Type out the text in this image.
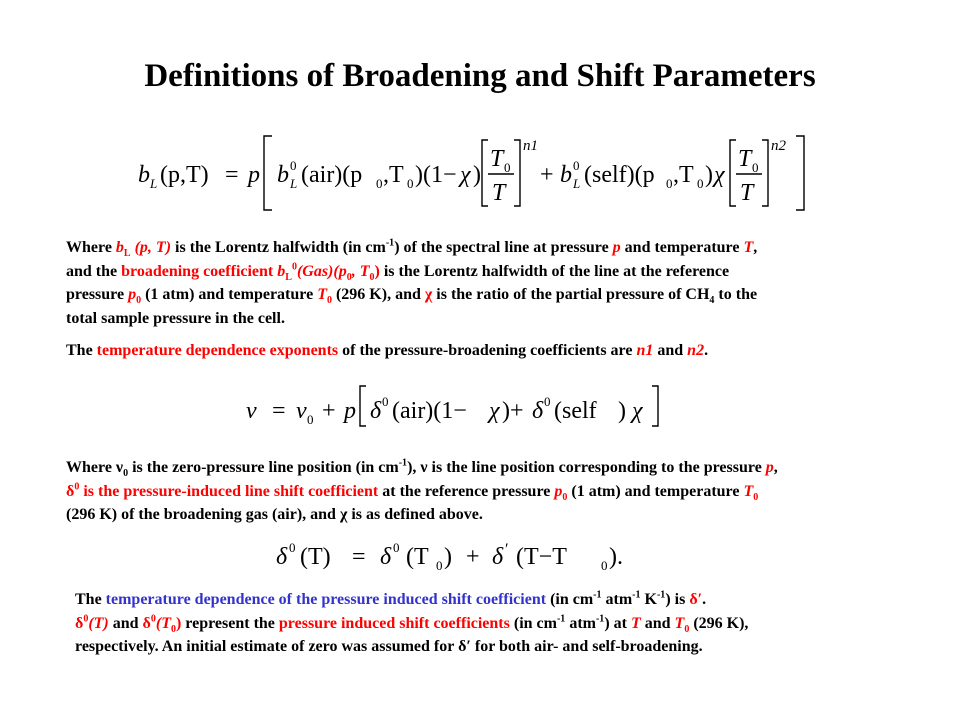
Definitions of Broadening and Shift Parameters
b L (p,T) = p b 0
L (air)(p 0 ,T 0 )(1− χ )
T 0
T
n1
+ b 0
L (self)(p 0 ,T 0 ) χ
T 0
T
n2
Where $b_L$ (p, T) is the Lorentz halfwidth (in $cm^{-1}$) of the spectral line at pressure p and temperature T,
and the broadening coefficient $b_L^0(Gas)(p_0$, $T_0$) is the Lorentz halfwidth of the line at the reference
pressure $p_0$ (1 atm) and temperature $T_0$ (296 K), and χ is the ratio of the partial pressure of $CH_4$ to the
total sample pressure in the cell.
The temperature dependence exponents of the pressure-broadening coefficients are n1 and n2.
ν = ν 0 + p δ 0 (air)(1− χ )+ δ 0 (self ) χ
Where $\nu_0$ is the zero-pressure line position (in $cm^{-1}$), ν is the line position corresponding to the pressure p,
$\delta^0$ is the pressure-induced line shift coefficient at the reference pressure $p_0$ (1 atm) and temperature $T_0$
(296 K) of the broadening gas (air), and χ is as defined above.
δ 0 (T) = δ 0 (T 0 ) + δ ′ (T−T	0 ).
The temperature dependence of the pressure induced shift coefficient (in $cm^{-1}$ atm$^{-1}$ $K^{-1}$) is δ′.
$\delta^0(T)$ and $\delta^0(T_0)$ represent the pressure induced shift coefficients (in $cm^{-1}$ atm$^{-1}$) at T and $T_0$ (296 K),
respectively. An initial estimate of zero was assumed for δ′ for both air- and self-broadening.
